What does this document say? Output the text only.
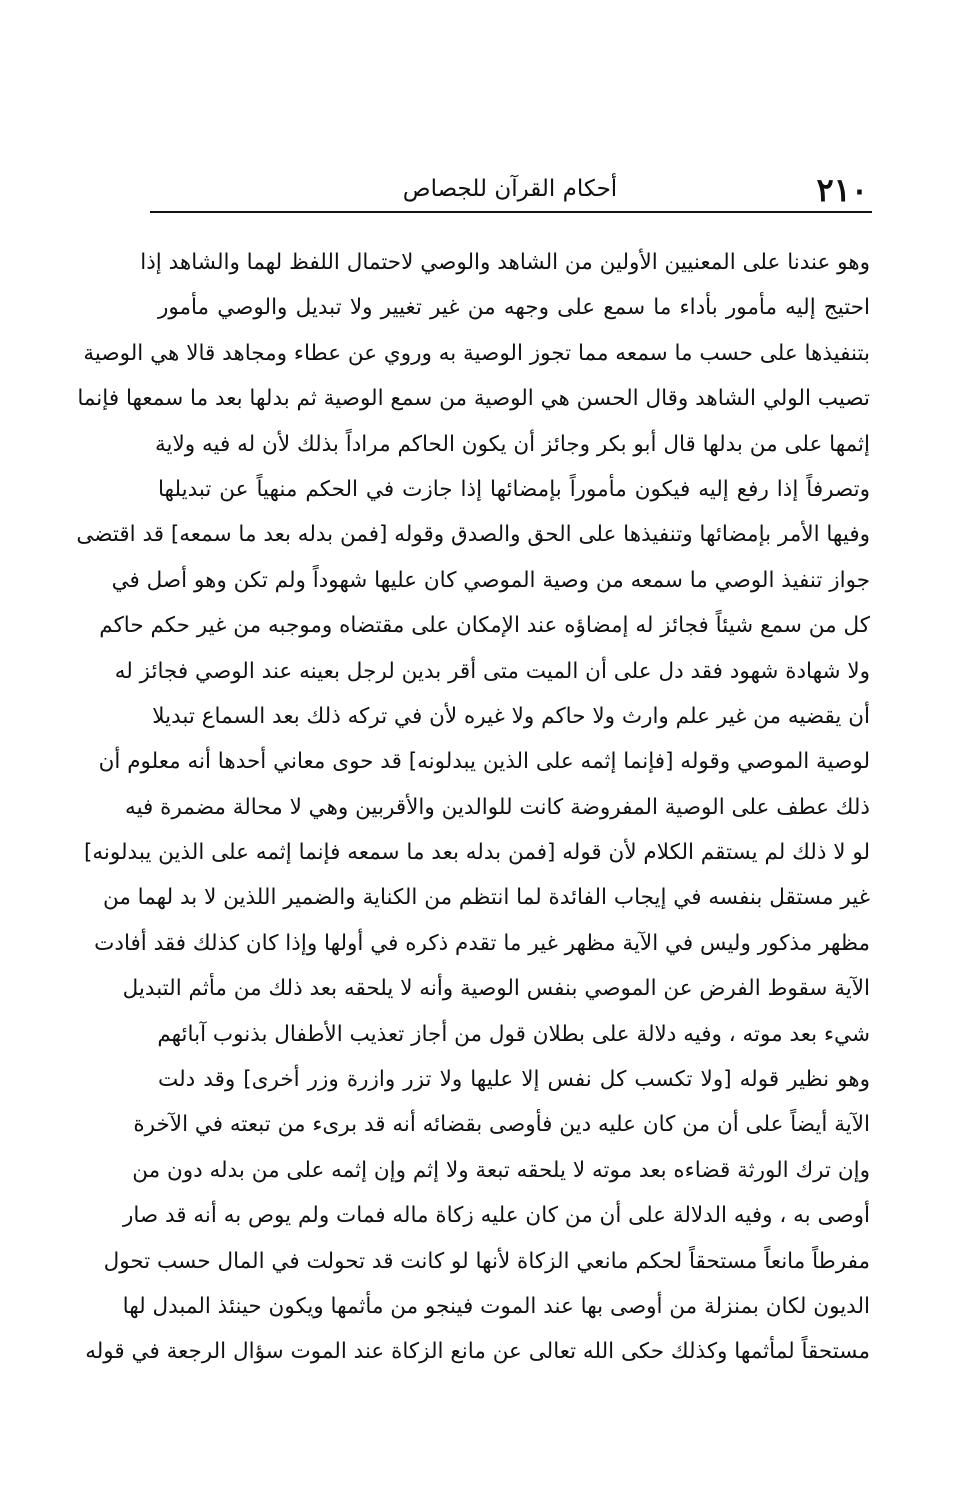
٢١٠
أحكام القرآن للجصاص
وهو عندنا على المعنيين الأولين من الشاهد والوصي لاحتمال اللفظ لهما والشاهد إذا
احتيج إليه مأمور بأداء ما سمع على وجهه من غير تغيير ولا تبديل والوصي مأمور
بتنفيذها على حسب ما سمعه مما تجوز الوصية به وروي عن عطاء ومجاهد قالا هي الوصية
تصيب الولي الشاهد وقال الحسن هي الوصية من سمع الوصية ثم بدلها بعد ما سمعها فإنما
إثمها على من بدلها قال أبو بكر وجائز أن يكون الحاكم مراداً بذلك لأن له فيه ولاية
وتصرفاً إذا رفع إليه فيكون مأموراً بإمضائها إذا جازت في الحكم منهياً عن تبديلها
وفيها الأمر بإمضائها وتنفيذها على الحق والصدق وقوله [فمن بدله بعد ما سمعه] قد اقتضى
جواز تنفيذ الوصي ما سمعه من وصية الموصي كان عليها شهوداً ولم تكن وهو أصل في
كل من سمع شيئاً فجائز له إمضاؤه عند الإمكان على مقتضاه وموجبه من غير حكم حاكم
ولا شهادة شهود فقد دل على أن الميت متى أقر بدين لرجل بعينه عند الوصي فجائز له
أن يقضيه من غير علم وارث ولا حاكم ولا غيره لأن في تركه ذلك بعد السماع تبديلا
لوصية الموصي وقوله [فإنما إثمه على الذين يبدلونه] قد حوى معاني أحدها أنه معلوم أن
ذلك عطف على الوصية المفروضة كانت للوالدين والأقربين وهي لا محالة مضمرة فيه
لو لا ذلك لم يستقم الكلام لأن قوله [فمن بدله بعد ما سمعه فإنما إثمه على الذين يبدلونه]
غير مستقل بنفسه في إيجاب الفائدة لما انتظم من الكناية والضمير اللذين لا بد لهما من
مظهر مذكور وليس في الآية مظهر غير ما تقدم ذكره في أولها وإذا كان كذلك فقد أفادت
الآية سقوط الفرض عن الموصي بنفس الوصية وأنه لا يلحقه بعد ذلك من مأثم التبديل
شيء بعد موته ، وفيه دلالة على بطلان قول من أجاز تعذيب الأطفال بذنوب آبائهم
وهو نظير قوله [ولا تكسب كل نفس إلا عليها ولا تزر وازرة وزر أخرى] وقد دلت
الآية أيضاً على أن من كان عليه دين فأوصى بقضائه أنه قد برىء من تبعته في الآخرة
وإن ترك الورثة قضاءه بعد موته لا يلحقه تبعة ولا إثم وإن إثمه على من بدله دون من
أوصى به ، وفيه الدلالة على أن من كان عليه زكاة ماله فمات ولم يوص به أنه قد صار
مفرطاً مانعاً مستحقاً لحكم مانعي الزكاة لأنها لو كانت قد تحولت في المال حسب تحول
الديون لكان بمنزلة من أوصى بها عند الموت فينجو من مأثمها ويكون حينئذ المبدل لها
مستحقاً لمأثمها وكذلك حكى الله تعالى عن مانع الزكاة عند الموت سؤال الرجعة في قوله
